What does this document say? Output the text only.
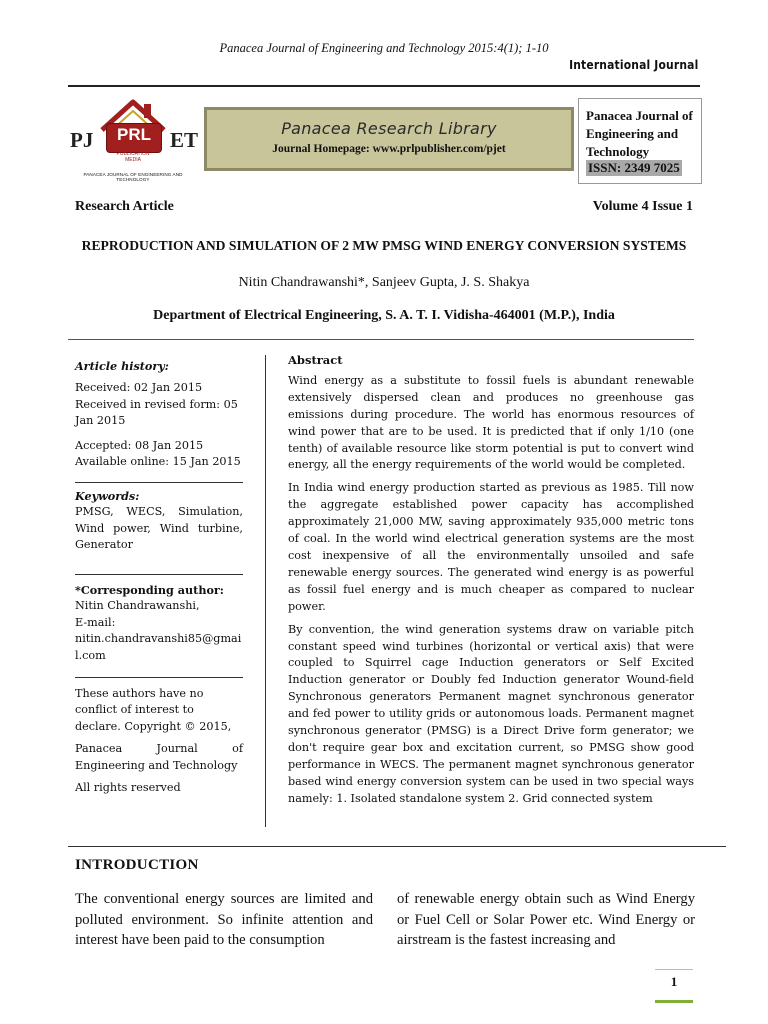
Panacea Journal of Engineering and Technology 2015:4(1); 1-10
International Journal
PJ	PRL
PUBLICATION MEDIA
ET
PANACEA JOURNAL OF ENGINEERING AND TECHNOLOGY
Panacea Research Library
Journal Homepage: www.prlpublisher.com/pjet
Panacea Journal of Engineering and Technology
ISSN: 2349 7025
Research Article	Volume 4 Issue 1
REPRODUCTION AND SIMULATION OF 2 MW PMSG WIND ENERGY CONVERSION SYSTEMS
Nitin Chandrawanshi*, Sanjeev Gupta, J. S. Shakya
Department of Electrical Engineering, S. A. T. I. Vidisha-464001 (M.P.), India
Article history:
Received: 02 Jan 2015
Received in revised form: 05 Jan 2015
Accepted: 08 Jan 2015
Available online: 15 Jan 2015
Keywords:
PMSG, WECS, Simulation, Wind power, Wind turbine, Generator
*Corresponding author:
Nitin Chandrawanshi,
E-mail:
nitin.chandravanshi85@gmail.com
These authors have no conflict of interest to declare. Copyright © 2015,
Panacea Journal of Engineering and Technology
All rights reserved
Abstract

Wind energy as a substitute to fossil fuels is abundant renewable extensively dispersed clean and produces no greenhouse gas emissions during procedure. The world has enormous resources of wind power that are to be used. It is predicted that if only 1/10 (one tenth) of available resource like storm potential is put to convert wind energy, all the energy requirements of the world would be completed.

In India wind energy production started as previous as 1985. Till now the aggregate established power capacity has accomplished approximately 21,000 MW, saving approximately 935,000 metric tons of coal. In the world wind electrical generation systems are the most cost inexpensive of all the environmentally unsoiled and safe renewable energy sources. The generated wind energy is as powerful as fossil fuel energy and is much cheaper as compared to nuclear power.

By convention, the wind generation systems draw on variable pitch constant speed wind turbines (horizontal or vertical axis) that were coupled to Squirrel cage Induction generators or Self Excited Induction generator or Doubly fed Induction generator Wound-field Synchronous generators Permanent magnet synchronous generator and fed power to utility grids or autonomous loads. Permanent magnet synchronous generator (PMSG) is a Direct Drive form generator; we don't require gear box and excitation current, so PMSG show good performance in WECS. The permanent magnet synchronous generator based wind energy conversion system can be used in two special ways namely: 1. Isolated standalone system 2. Grid connected system

INTRODUCTION
The conventional energy sources are limited and polluted environment. So infinite attention and interest have been paid to the consumption
of renewable energy obtain such as Wind Energy or Fuel Cell or Solar Power etc. Wind Energy or airstream is the fastest increasing and
1
